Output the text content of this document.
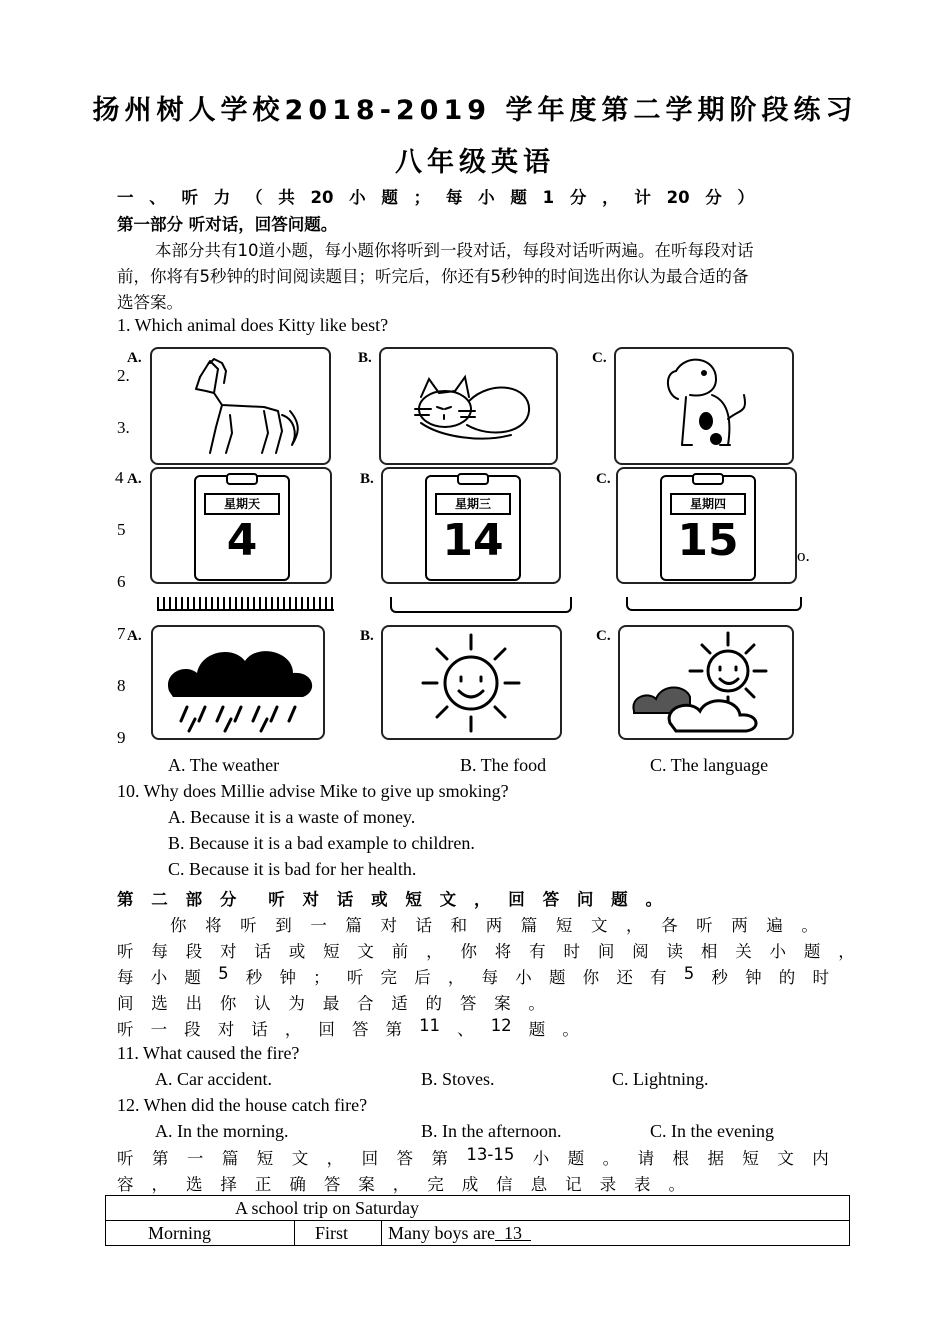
扬州树人学校2018-2019 学年度第二学期阶段练习
八年级英语
一 、 听 力 （ 共 20 小 题 ； 每 小 题 1 分 ， 计 20 分 ）
第一部分 听对话，回答问题。
本部分共有10道小题，每小题你将听到一段对话，每段对话听两遍。在听每段对话
前，你将有5秒钟的时间阅读题目；听完后，你还有5秒钟的时间选出你认为最合适的备
选答案。
1. Which animal does Kitty like best?
2.
3.
4
5
6
7
8
9
o.
A.	B.	C.
A.	B.	C.
星期天
4
星期三
14
星期四
15
A.	B.	C.
A. The weather	B. The food	C. The language
10. Why does Millie advise Mike to give up smoking?
A. Because it is a waste of money.
B. Because it is a bad example to children.
C. Because it is bad for her health.
第 二 部 分 听 对 话 或 短 文 ， 回 答 问 题 。
你 将 听 到 一 篇 对 话 和 两 篇 短 文 ， 各 听 两 遍 。
听 每 段 对 话 或 短 文 前 ， 你 将 有 时 间 阅 读 相 关 小 题 ，
每 小 题 5 秒 钟 ； 听 完 后 ， 每 小 题 你 还 有 5 秒 钟 的 时
间 选 出 你 认 为 最 合 适 的 答 案 。
听 一 段 对 话 ， 回 答 第 11 、 12 题 。
11. What caused the fire?
A. Car accident.	B. Stoves.	C. Lightning.
12. When did the house catch fire?
A. In the morning.	B. In the afternoon.	C. In the evening
听 第 一 篇 短 文 ， 回 答 第 13-15 小 题 。 请 根 据 短 文 内
容 ， 选 择 正 确 答 案 ， 完 成 信 息 记 录 表 。
A school trip on Saturday
Morning	First	Many boys are  13
